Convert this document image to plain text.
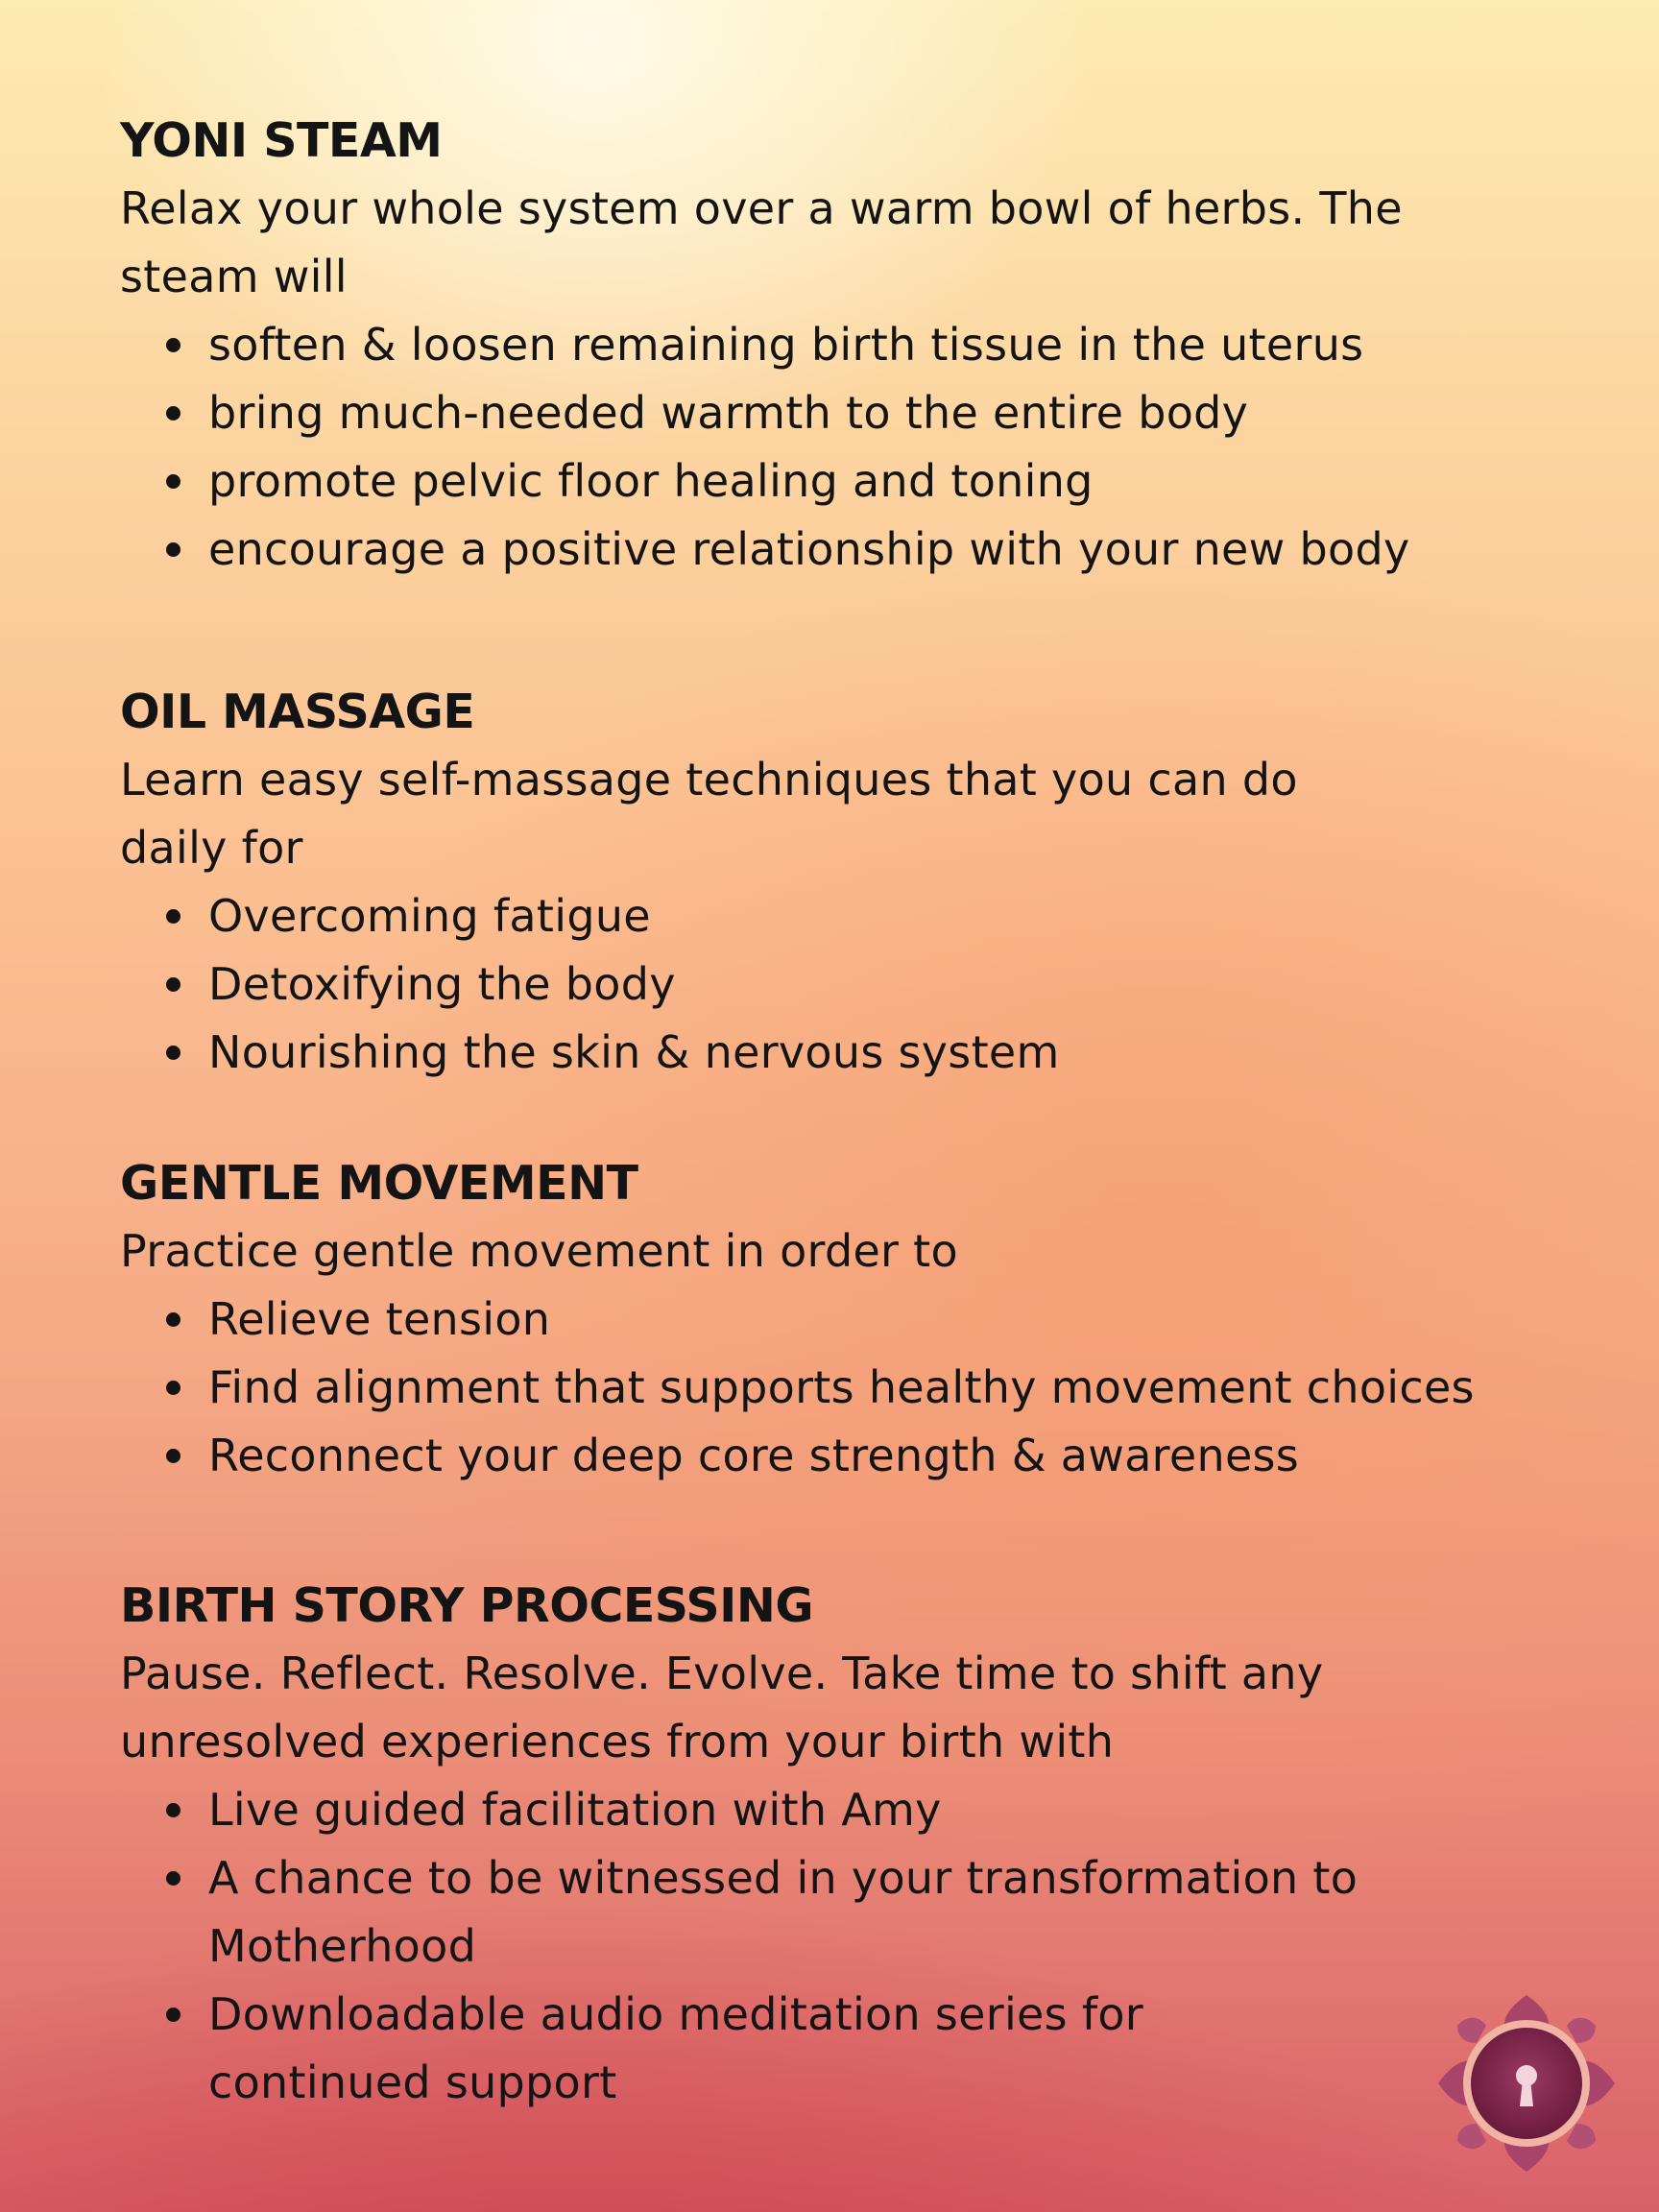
YONI STEAM

Relax your whole system over a warm bowl of herbs. The steam will

soften & loosen remaining birth tissue in the uterus
bring much-needed warmth to the entire body
promote pelvic floor healing and toning
encourage a positive relationship with your new body
OIL MASSAGE

Learn easy self-massage techniques that you can do daily for

Overcoming fatigue
Detoxifying the body
Nourishing the skin & nervous system
GENTLE MOVEMENT

Practice gentle movement in order to

Relieve tension
Find alignment that supports healthy movement choices
Reconnect your deep core strength & awareness
BIRTH STORY PROCESSING

Pause. Reflect. Resolve. Evolve. Take time to shift any unresolved experiences from your birth with

Live guided facilitation with Amy
A chance to be witnessed in your transformation to Motherhood
Downloadable audio meditation series for continued support
